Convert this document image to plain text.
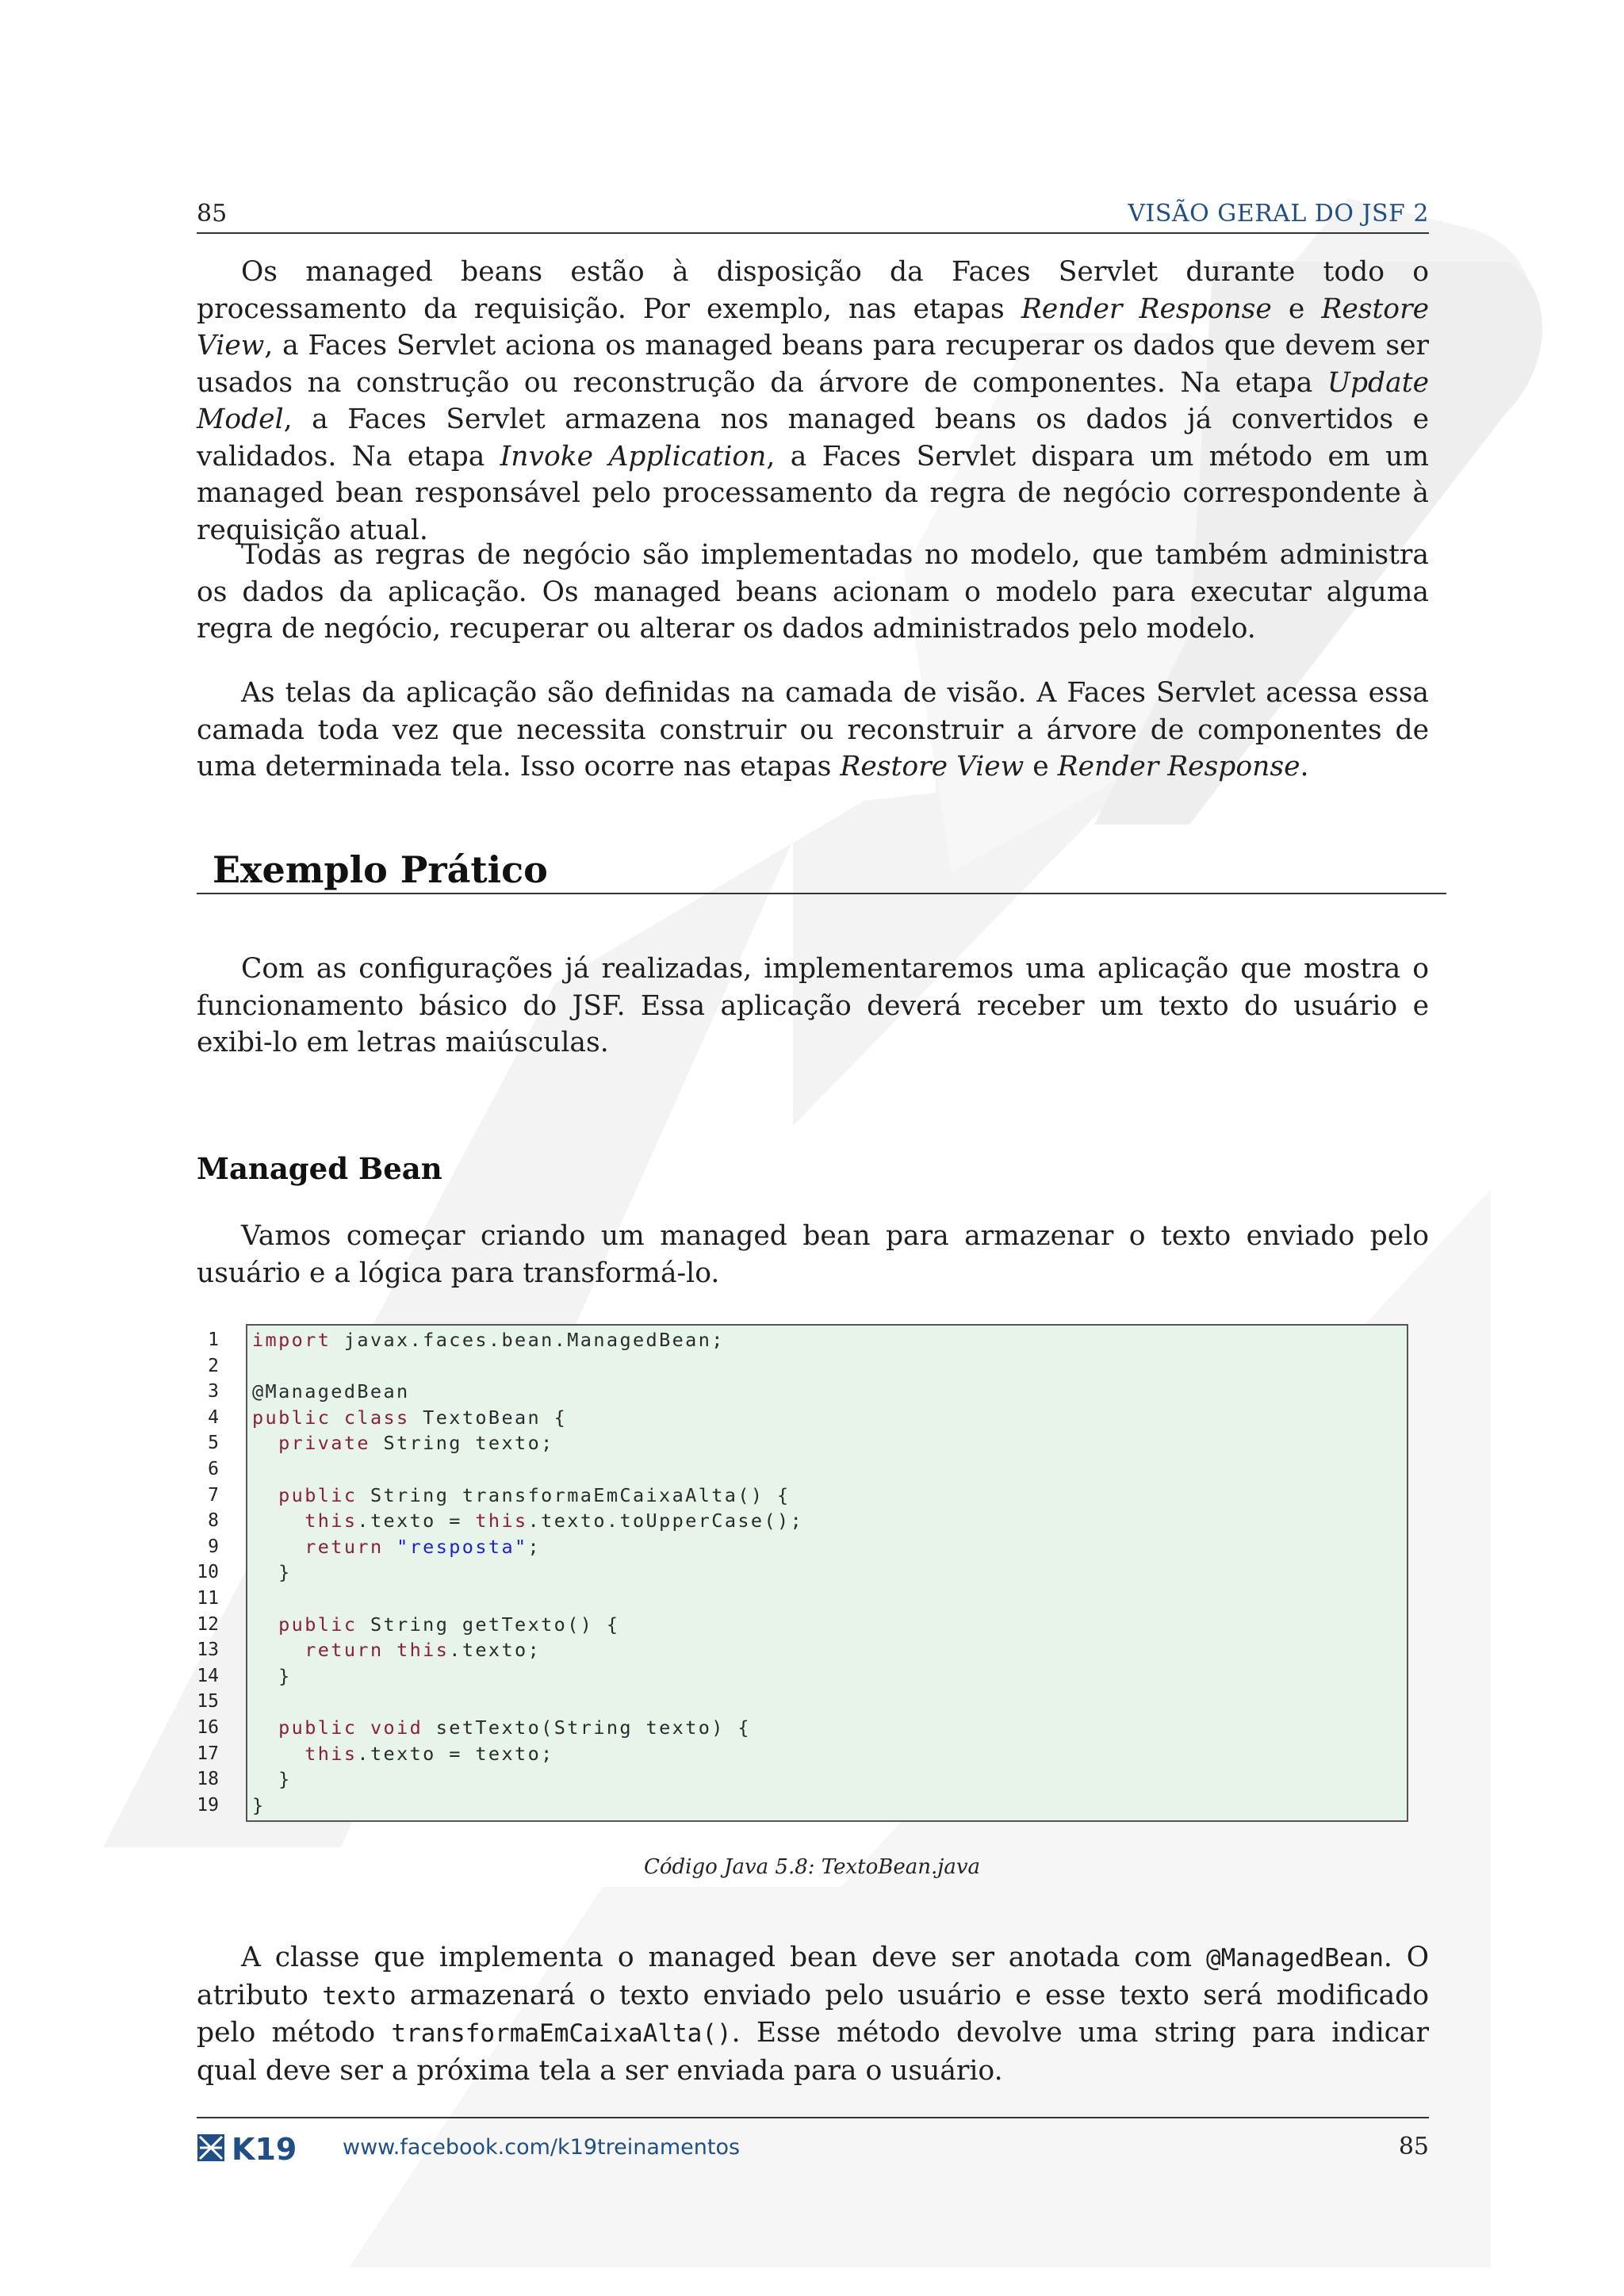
85	VISÃO GERAL DO JSF 2

Os managed beans estão à disposição da Faces Servlet durante todo o processamento da requisição. Por exemplo, nas etapas Render Response e Restore View, a Faces Servlet aciona os managed beans para recuperar os dados que devem ser usados na construção ou reconstrução da árvore de componentes. Na etapa Update Model, a Faces Servlet armazena nos managed beans os dados já convertidos e validados. Na etapa Invoke Application, a Faces Servlet dispara um método em um managed bean responsável pelo processamento da regra de negócio correspondente à requisição atual.

Todas as regras de negócio são implementadas no modelo, que também administra os dados da aplicação. Os managed beans acionam o modelo para executar alguma regra de negócio, recuperar ou alterar os dados administrados pelo modelo.

As telas da aplicação são definidas na camada de visão. A Faces Servlet acessa essa camada toda vez que necessita construir ou reconstruir a árvore de componentes de uma determinada tela. Isso ocorre nas etapas Restore View e Render Response.

Exemplo Prático

Com as configurações já realizadas, implementaremos uma aplicação que mostra o funcionamento básico do JSF. Essa aplicação deverá receber um texto do usuário e exibi-lo em letras maiúsculas.

Managed Bean

Vamos começar criando um managed bean para armazenar o texto enviado pelo usuário e a lógica para transformá-lo.

1
2
3
4
5
6
7
8
9
10
11
12
13
14
15
16
17
18
19
import javax.faces.bean.ManagedBean;

@ManagedBean
public class TextoBean {
private String texto;

public String transformaEmCaixaAlta() {
this.texto = this.texto.toUpperCase();
return "resposta";
}

public String getTexto() {
return this.texto;
}

public void setTexto(String texto) {
this.texto = texto;
}
}
Código Java 5.8: TextoBean.java

A classe que implementa o managed bean deve ser anotada com @ManagedBean. O atributo texto armazenará o texto enviado pelo usuário e esse texto será modificado pelo método transformaEmCaixaAlta(). Esse método devolve uma string para indicar qual deve ser a próxima tela a ser enviada para o usuário.

K19 www.facebook.com/k19treinamentos	85
